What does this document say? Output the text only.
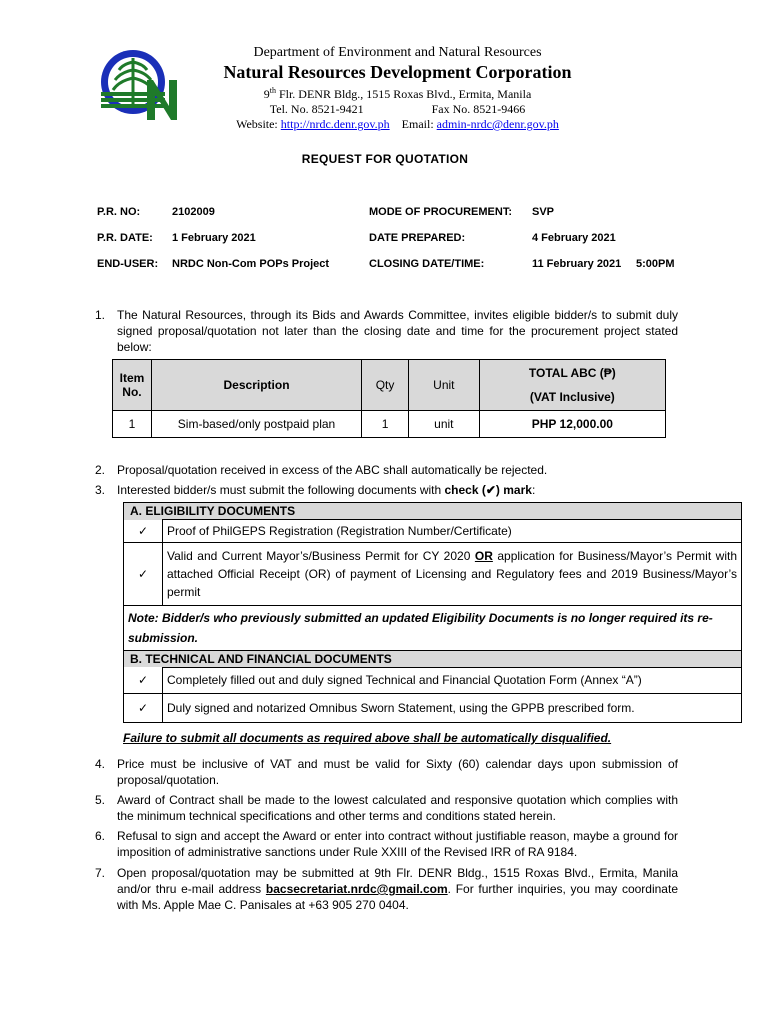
Department of Environment and Natural Resources
Natural Resources Development Corporation
9th Flr. DENR Bldg., 1515 Roxas Blvd., Ermita, Manila
Tel. No. 8521-9421	Fax No. 8521-9466
Website: http://nrdc.denr.gov.ph Email: admin-nrdc@denr.gov.ph
REQUEST FOR QUOTATION
P.R. NO:	2102009	MODE OF PROCUREMENT: SVP
P.R. DATE: 1 February 2021	DATE PREPARED:	4 February 2021
END-USER: NRDC Non-Com POPs Project	CLOSING DATE/TIME:	11 February 2021 5:00PM
1. The Natural Resources, through its Bids and Awards Committee, invites eligible bidder/s to submit duly signed proposal/quotation not later than the closing date and time for the procurement project stated below:
Item No.	Description	Qty	Unit	TOTAL ABC (₱)
(VAT Inclusive)

1	Sim-based/only postpaid plan	1	unit	PHP 12,000.00
2. Proposal/quotation received in excess of the ABC shall automatically be rejected.
3. Interested bidder/s must submit the following documents with check (✔) mark:
A. ELIGIBILITY DOCUMENTS	
✓	Proof of PhilGEPS Registration (Registration Number/Certificate)
✓	Valid and Current Mayor’s/Business Permit for CY 2020 OR application for Business/Mayor’s Permit with attached Official Receipt (OR) of payment of Licensing and Regulatory fees and 2019 Business/Mayor’s permit
Note: Bidder/s who previously submitted an updated Eligibility Documents is no longer required its re-submission.	
B. TECHNICAL AND FINANCIAL DOCUMENTS	
✓	Completely filled out and duly signed Technical and Financial Quotation Form (Annex “A”)
✓	Duly signed and notarized Omnibus Sworn Statement, using the GPPB prescribed form.
Failure to submit all documents as required above shall be automatically disqualified.
4. Price must be inclusive of VAT and must be valid for Sixty (60) calendar days upon submission of proposal/quotation.
5. Award of Contract shall be made to the lowest calculated and responsive quotation which complies with the minimum technical specifications and other terms and conditions stated herein.
6. Refusal to sign and accept the Award or enter into contract without justifiable reason, maybe a ground for imposition of administrative sanctions under Rule XXIII of the Revised IRR of RA 9184.
7. Open proposal/quotation may be submitted at 9th Flr. DENR Bldg., 1515 Roxas Blvd., Ermita, Manila and/or thru e-mail address bacsecretariat.nrdc@gmail.com. For further inquiries, you may coordinate with Ms. Apple Mae C. Panisales at +63 905 270 0404.
